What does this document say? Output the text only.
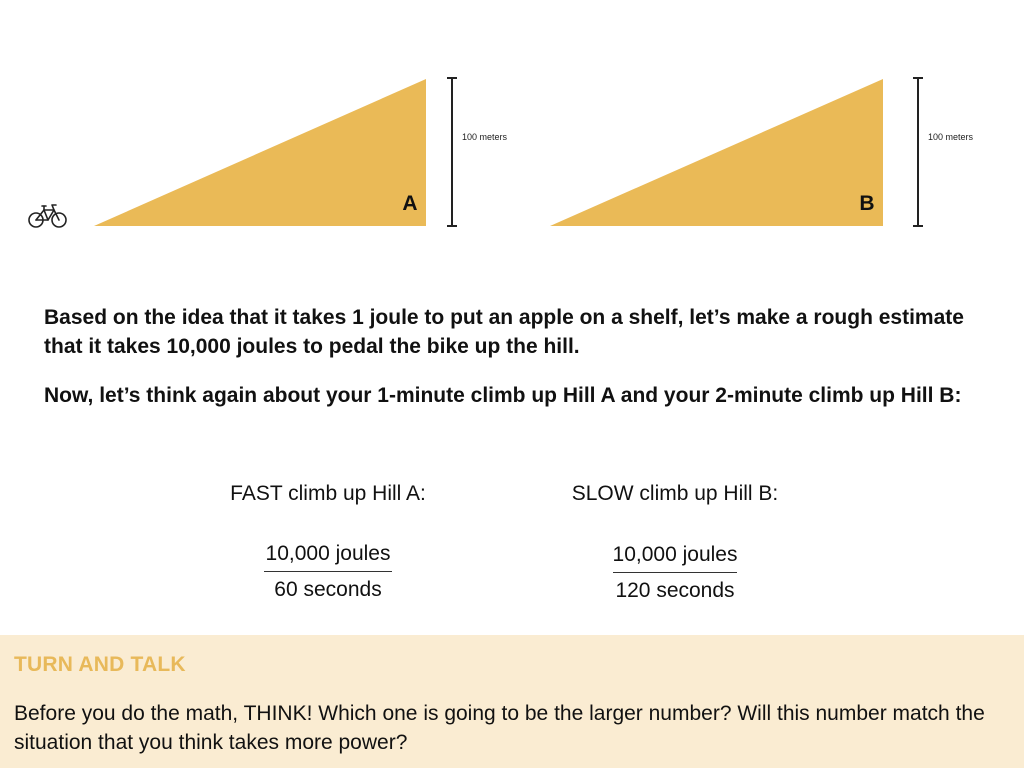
A
100 meters
B
100 meters

Based on the idea that it takes 1 joule to put an apple on a shelf, let’s make a rough estimate that it takes 10,000 joules to pedal the bike up the hill.

Now, let’s think again about your 1-minute climb up Hill A and your 2-minute climb up Hill B:

FAST climb up Hill A:	SLOW climb up Hill B:
10,000 joules
60 seconds
10,000 joules
120 seconds

TURN AND TALK

Before you do the math, THINK! Which one is going to be the larger number? Will this number match the situation that you think takes more power?
